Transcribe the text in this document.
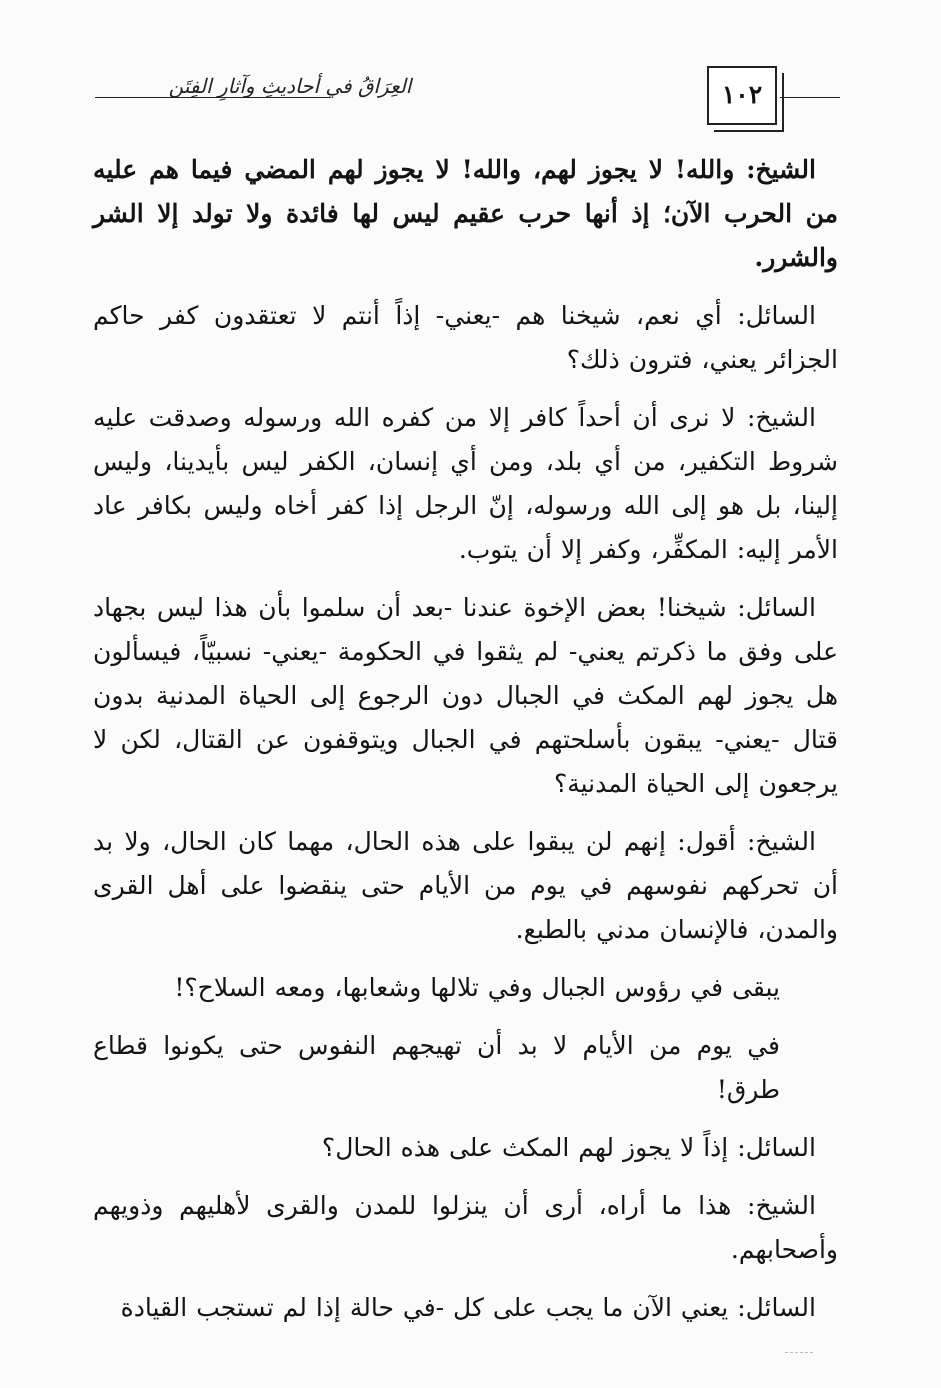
العِرَاقُ في أحاديثِ وآثارِ الفِتَن	١٠٢

الشيخ: والله! لا يجوز لهم، والله! لا يجوز لهم المضي فيما هم عليه من الحرب الآن؛ إذ أنها حرب عقيم ليس لها فائدة ولا تولد إلا الشر والشرر.

السائل: أي نعم، شيخنا هم -يعني- إذاً أنتم لا تعتقدون كفر حاكم الجزائر يعني، فترون ذلك؟

الشيخ: لا نرى أن أحداً كافر إلا من كفره الله ورسوله وصدقت عليه شروط التكفير، من أي بلد، ومن أي إنسان، الكفر ليس بأيدينا، وليس إلينا، بل هو إلى الله ورسوله، إنّ الرجل إذا كفر أخاه وليس بكافر عاد الأمر إليه: المكفِّر، وكفر إلا أن يتوب.

السائل: شيخنا! بعض الإخوة عندنا -بعد أن سلموا بأن هذا ليس بجهاد على وفق ما ذكرتم يعني- لم يثقوا في الحكومة -يعني- نسبيّاً، فيسألون هل يجوز لهم المكث في الجبال دون الرجوع إلى الحياة المدنية بدون قتال -يعني- يبقون بأسلحتهم في الجبال ويتوقفون عن القتال، لكن لا يرجعون إلى الحياة المدنية؟

الشيخ: أقول: إنهم لن يبقوا على هذه الحال، مهما كان الحال، ولا بد أن تحركهم نفوسهم في يوم من الأيام حتى ينقضوا على أهل القرى والمدن، فالإنسان مدني بالطبع.

يبقى في رؤوس الجبال وفي تلالها وشعابها، ومعه السلاح؟!

في يوم من الأيام لا بد أن تهيجهم النفوس حتى يكونوا قطاع طرق!

السائل: إذاً لا يجوز لهم المكث على هذه الحال؟

الشيخ: هذا ما أراه، أرى أن ينزلوا للمدن والقرى لأهليهم وذويهم وأصحابهم.

السائل: يعني الآن ما يجب على كل -في حالة إذا لم تستجب القيادة
